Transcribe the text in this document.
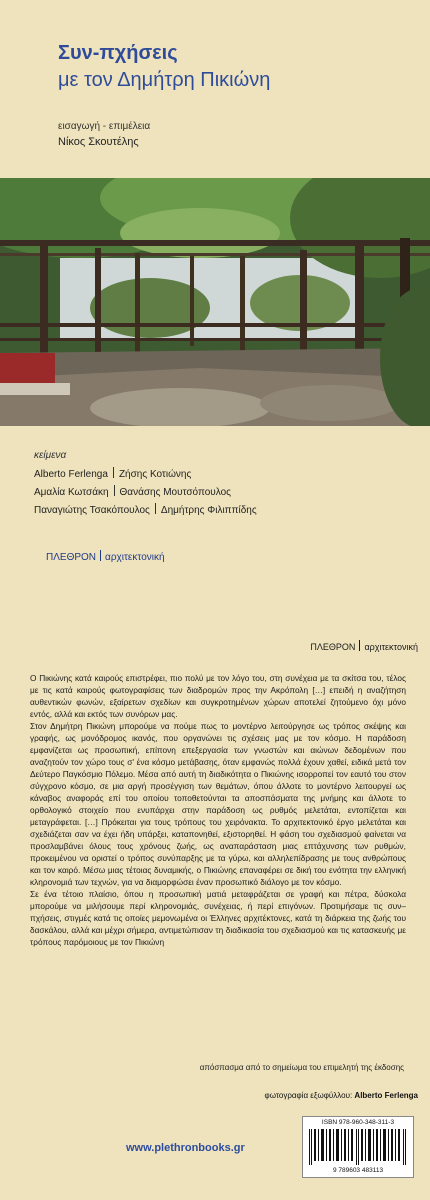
Συν-πχήσεις
με τον Δημήτρη Πικιώνη
εισαγωγή - επιμέλεια
Νίκος Σκουτέλης
κείμενα
Alberto Ferlenga Ζήσης Κοτιώνης
Αμαλία Κωτσάκη Θανάσης Μουτσόπουλος
Παναγιώτης Τσακόπουλος Δημήτρης Φιλιππίδης
ΠΛΕΘΡΟΝ αρχιτεκτονική
ΠΛΕΘΡΟΝ αρχιτεκτονική

Ο Πικιώνης κατά καιρούς επιστρέφει, πιο πολύ με τον λόγο του, στη συνέχεια με τα σκίτσα του, τέλος με τις κατά καιρούς φωτογραφίσεις των διαδρομών προς την Ακρόπολη […] επειδή η αναζήτηση αυθεντικών φωνών, εξαίρετων σχεδίων και συγκροτημένων χώρων αποτελεί ζητούμενο όχι μόνο εντός, αλλά και εκτός των συνόρων μας.

Στον Δημήτρη Πικιώνη μπορούμε να πούμε πως το μοντέρνο λειτούργησε ως τρόπος σκέψης και γραφής, ως μονόδρομος ικανός, που οργανώνει τις σχέσεις μας με τον κόσμο. Η παράδοση εμφανίζεται ως προσωπική, επίπονη επεξεργασία των γνωστών και αιώνων δεδομένων που αναζητούν τον χώρο τους σ' ένα κόσμο μετάβασης, όταν εμφανώς πολλά έχουν χαθεί, ειδικά μετά τον Δεύτερο Παγκόσμιο Πόλεμο. Μέσα από αυτή τη διαδικότητα ο Πικιώνης ισορροπεί τον εαυτό του στον σύγχρονο κόσμο, σε μια αργή προσέγγιση των θεμάτων, όπου άλλοτε το μοντέρνο λειτουργεί ως κάναβος αναφοράς επί του οποίου τοποθετούνται τα αποσπάσματα της μνήμης και άλλοτε το ορθολογικό στοιχείο που ενυπάρχει στην παράδοση ως ρυθμός μελετάται, εντοπίζεται και μεταγράφεται. […] Πρόκειται για τους τρόπους του χειρόνακτα. Το αρχιτεκτονικό έργο μελετάται και σχεδιάζεται σαν να έχει ήδη υπάρξει, καταπονηθεί, εξιστορηθεί. Η φάση του σχεδιασμού φαίνεται να προσλαμβάνει όλους τους χρόνους ζωής, ως αναπαράσταση μιας επτάχυνσης των ρυθμών, προκειμένου να οριστεί ο τρόπος συνύπαρξης με τα γύρω, και αλληλεπίδρασης με τους ανθρώπους και τον καιρό. Μέσω μιας τέτοιας δυναμικής, ο Πικιώνης επαναφέρει σε δική του ενότητα την ελληνική κληρονομιά των τεχνών, για να διαμορφώσει έναν προσωπικό διάλογο με τον κόσμο.

Σε ένα τέτοιο πλαίσιο, όπου η προσωπική ματιά μεταφράζεται σε γραφή και πέτρα, δύσκολα μπορούμε να μιλήσουμε περί κληρονομιάς, συνέχειας, ή περί επιγόνων. Προτιμήσαμε τις συν–πχήσεις, στιγμές κατά τις οποίες μεμονωμένα οι Έλληνες αρχιτέκτονες, κατά τη διάρκεια της ζωής του δασκάλου, αλλά και μέχρι σήμερα, αντιμετώπισαν τη διαδικασία του σχεδιασμού και τις κατασκευής με τρόπους παρόμοιους με τον Πικιώνη

απόσπασμα από το σημείωμα του επιμελητή της έκδοσης
φωτογραφία εξωφύλλου: Alberto Ferlenga
ISBN 978-960-348-311-3
9 789603 483113
www.plethronbooks.gr
